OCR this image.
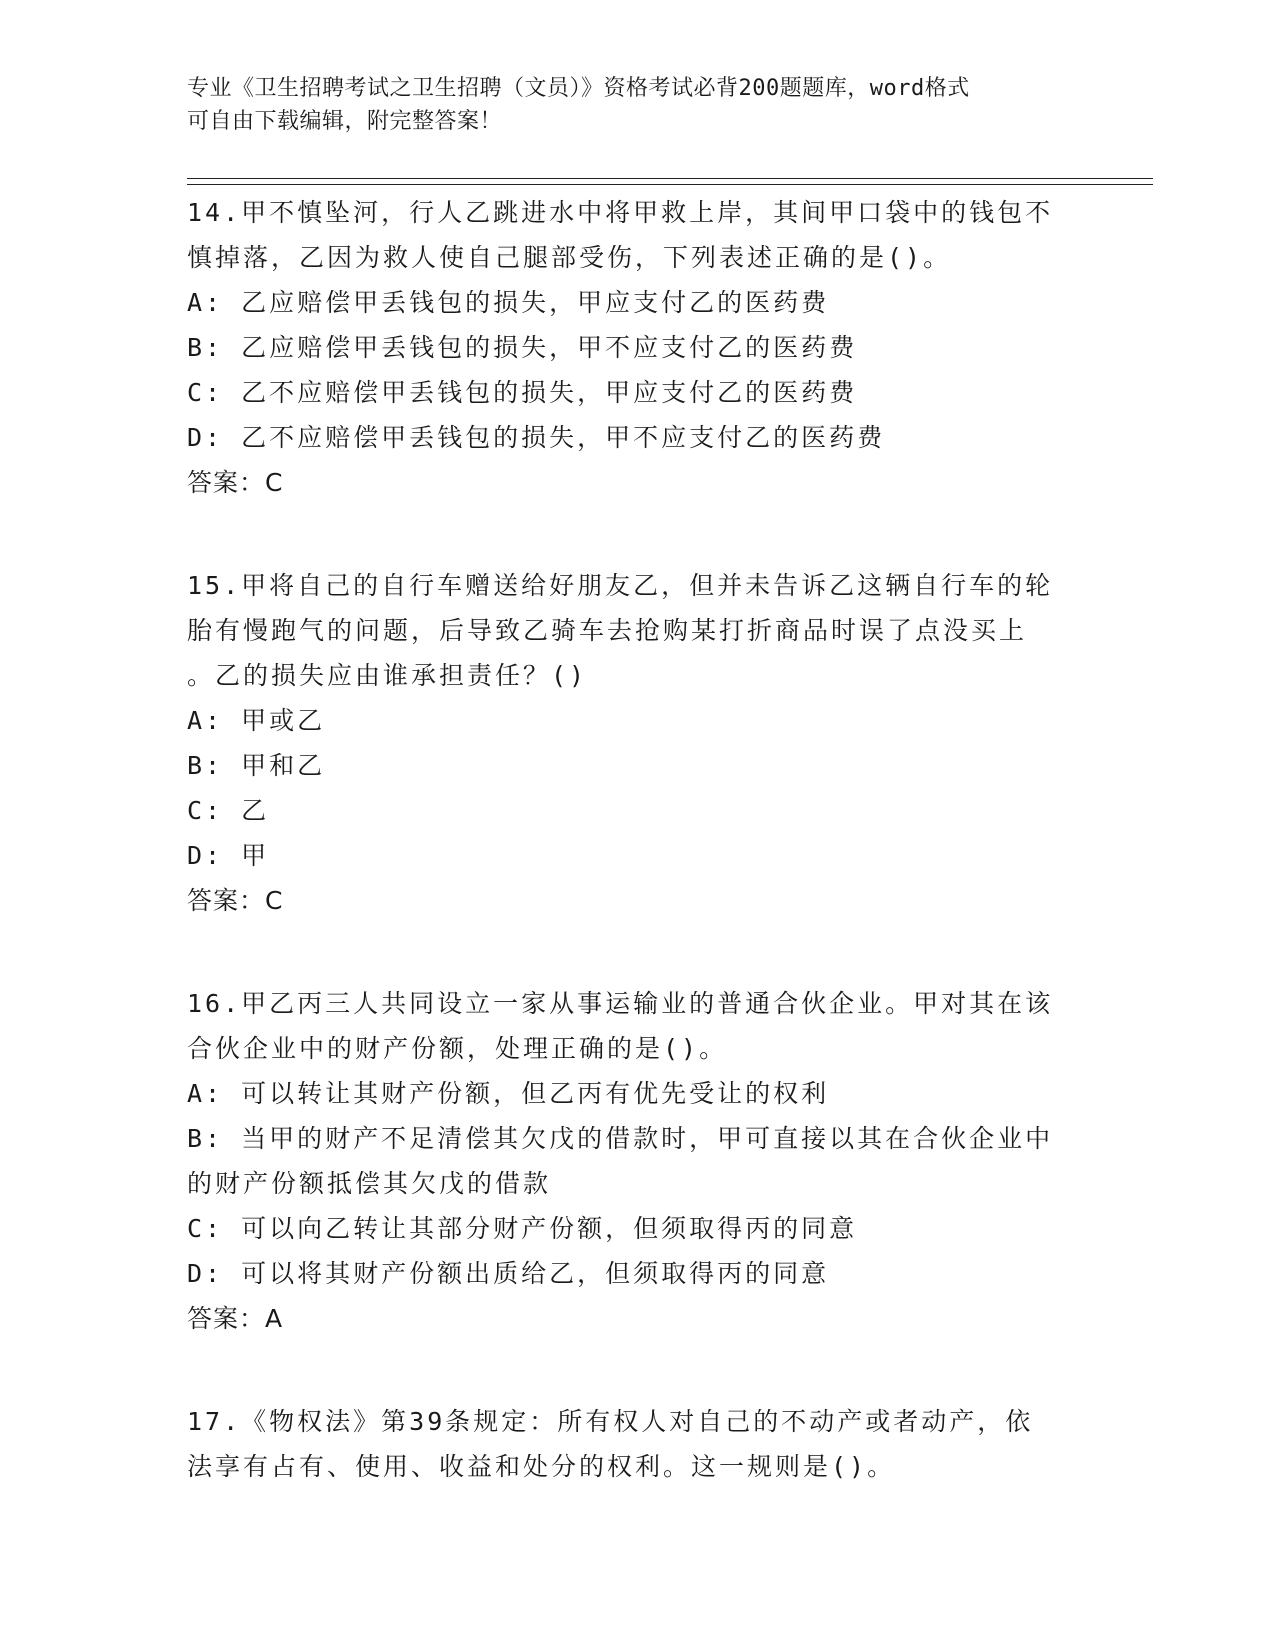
专业《卫生招聘考试之卫生招聘（文员）》资格考试必背200题题库，word格式
可自由下载编辑，附完整答案！
14.甲不慎坠河，行人乙跳进水中将甲救上岸，其间甲口袋中的钱包不
慎掉落，乙因为救人使自己腿部受伤，下列表述正确的是()。
A: 乙应赔偿甲丢钱包的损失，甲应支付乙的医药费
B: 乙应赔偿甲丢钱包的损失，甲不应支付乙的医药费
C: 乙不应赔偿甲丢钱包的损失，甲应支付乙的医药费
D: 乙不应赔偿甲丢钱包的损失，甲不应支付乙的医药费
答案：C
15.甲将自己的自行车赠送给好朋友乙，但并未告诉乙这辆自行车的轮
胎有慢跑气的问题，后导致乙骑车去抢购某打折商品时误了点没买上
。乙的损失应由谁承担责任？()
A: 甲或乙
B: 甲和乙
C: 乙
D: 甲
答案：C
16.甲乙丙三人共同设立一家从事运输业的普通合伙企业。甲对其在该
合伙企业中的财产份额，处理正确的是()。
A: 可以转让其财产份额，但乙丙有优先受让的权利
B: 当甲的财产不足清偿其欠戊的借款时，甲可直接以其在合伙企业中
的财产份额抵偿其欠戊的借款
C: 可以向乙转让其部分财产份额，但须取得丙的同意
D: 可以将其财产份额出质给乙，但须取得丙的同意
答案：A
17.《物权法》第39条规定：所有权人对自己的不动产或者动产，依
法享有占有、使用、收益和处分的权利。这一规则是()。
